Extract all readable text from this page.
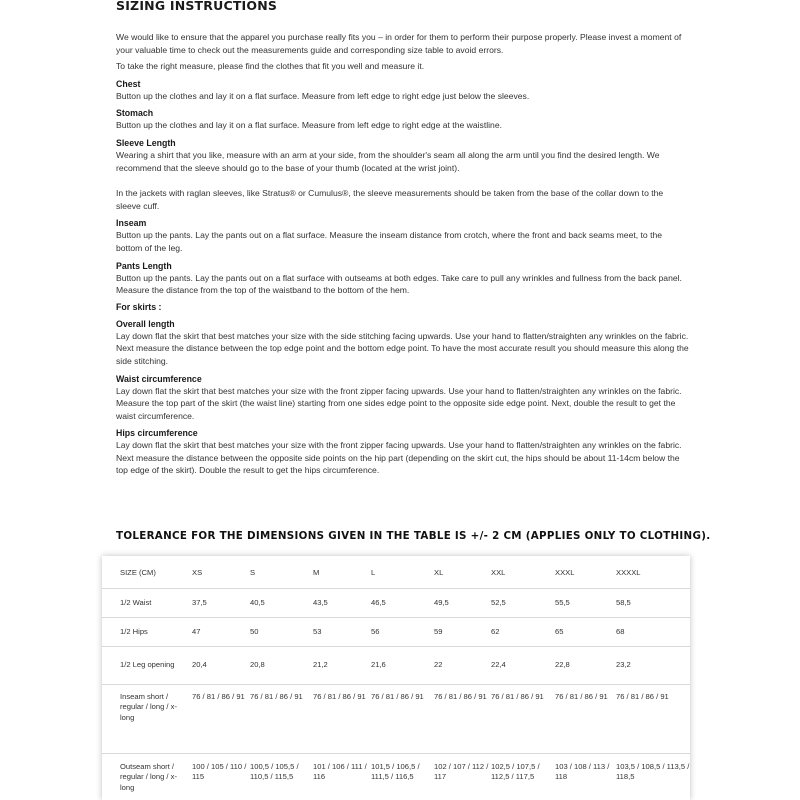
SIZING INSTRUCTIONS

We would like to ensure that the apparel you purchase really fits you – in order for them to perform their purpose properly. Please invest a moment of your valuable time to check out the measurements guide and corresponding size table to avoid errors.

To take the right measure, please find the clothes that fit you well and measure it.

Chest

Button up the clothes and lay it on a flat surface. Measure from left edge to right edge just below the sleeves.

Stomach

Button up the clothes and lay it on a flat surface. Measure from left edge to right edge at the waistline.

Sleeve Length

Wearing a shirt that you like, measure with an arm at your side, from the shoulder's seam all along the arm until you find the desired length. We recommend that the sleeve should go to the base of your thumb (located at the wrist joint).

In the jackets with raglan sleeves, like Stratus® or Cumulus®, the sleeve measurements should be taken from the base of the collar down to the sleeve cuff.

Inseam

Button up the pants. Lay the pants out on a flat surface. Measure the inseam distance from crotch, where the front and back seams meet, to the bottom of the leg.

Pants Length

Button up the pants. Lay the pants out on a flat surface with outseams at both edges. Take care to pull any wrinkles and fullness from the back panel. Measure the distance from the top of the waistband to the bottom of the hem.

For skirts :

Overall length

Lay down flat the skirt that best matches your size with the side stitching facing upwards. Use your hand to flatten/straighten any wrinkles on the fabric. Next measure the distance between the top edge point and the bottom edge point. To have the most accurate result you should measure this along the side stitching.

Waist circumference

Lay down flat the skirt that best matches your size with the front zipper facing upwards. Use your hand to flatten/straighten any wrinkles on the fabric. Measure the top part of the skirt (the waist line) starting from one sides edge point to the opposite side edge point. Next, double the result to get the waist circumference.

Hips circumference

Lay down flat the skirt that best matches your size with the front zipper facing upwards. Use your hand to flatten/straighten any wrinkles on the fabric. Next measure the distance between the opposite side points on the hip part (depending on the skirt cut, the hips should be about 11-14cm below the top edge of the skirt). Double the result to get the hips circumference.

TOLERANCE FOR THE DIMENSIONS GIVEN IN THE TABLE IS +/- 2 CM (APPLIES ONLY TO CLOTHING).
SIZE (CM)	XS	S	M	L	XL	XXL	XXXL	XXXXL
1/2 Waist	37,5	40,5	43,5	46,5	49,5	52,5	55,5	58,5
1/2 Hips	47	50	53	56	59	62	65	68
1/2 Leg opening	20,4	20,8	21,2	21,6	22	22,4	22,8	23,2
Inseam short / regular / long / x-long	76 / 81 / 86 / 91	76 / 81 / 86 / 91	76 / 81 / 86 / 91	76 / 81 / 86 / 91	76 / 81 / 86 / 91	76 / 81 / 86 / 91	76 / 81 / 86 / 91	76 / 81 / 86 / 91
Outseam short / regular / long / x-long	100 / 105 / 110 / 115	100,5 / 105,5 / 110,5 / 115,5	101 / 106 / 111 / 116	101,5 / 106,5 / 111,5 / 116,5	102 / 107 / 112 / 117	102,5 / 107,5 / 112,5 / 117,5	103 / 108 / 113 / 118	103,5 / 108,5 / 113,5 / 118,5
